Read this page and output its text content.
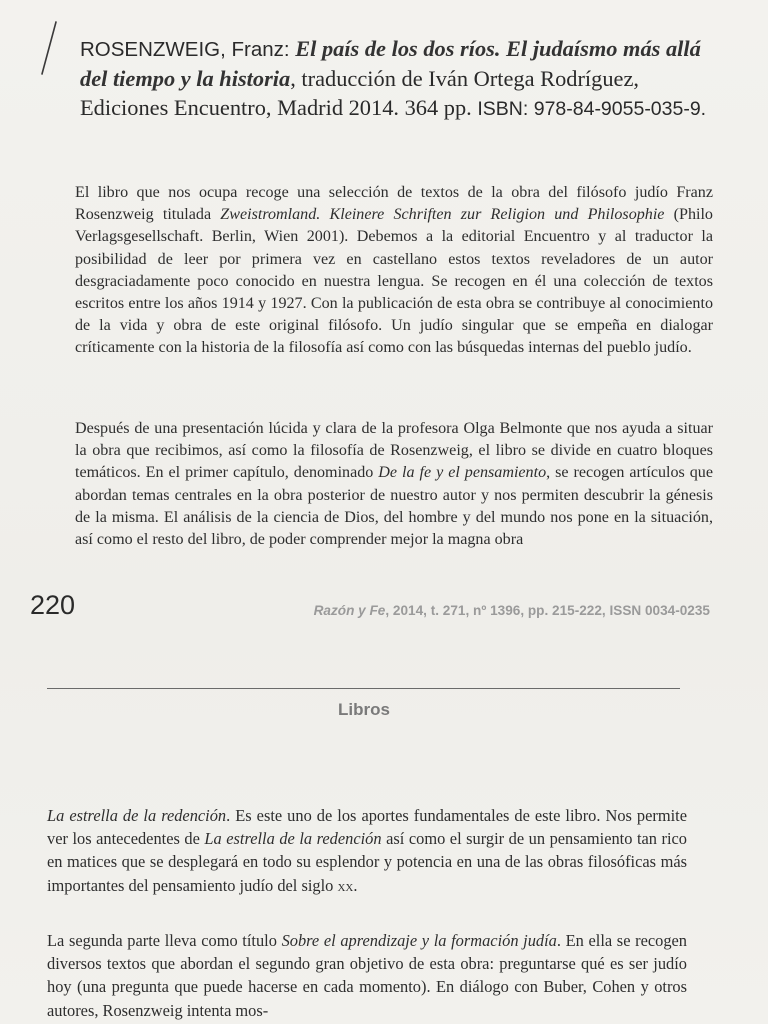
ROSENZWEIG, Franz: El país de los dos ríos. El judaísmo más allá del tiempo y la historia, traducción de Iván Ortega Rodríguez, Ediciones Encuentro, Madrid 2014. 364 pp. ISBN: 978-84-9055-035-9.

El libro que nos ocupa recoge una selección de textos de la obra del filósofo judío Franz Rosenzweig titulada Zweistromland. Kleinere Schriften zur Religion und Philosophie (Philo Verlagsgesellschaft. Berlin, Wien 2001). Debemos a la editorial Encuentro y al traductor la posibilidad de leer por primera vez en castellano estos textos reveladores de un autor desgraciadamente poco conocido en nuestra lengua. Se recogen en él una colección de textos escritos entre los años 1914 y 1927. Con la publicación de esta obra se contribuye al conocimiento de la vida y obra de este original filósofo. Un judío singular que se empeña en dialogar críticamente con la historia de la filosofía así como con las búsquedas internas del pueblo judío.

Después de una presentación lúcida y clara de la profesora Olga Belmonte que nos ayuda a situar la obra que recibimos, así como la filosofía de Rosenzweig, el libro se divide en cuatro bloques temáticos. En el primer capítulo, denominado De la fe y el pensamiento, se recogen artículos que abordan temas centrales en la obra posterior de nuestro autor y nos permiten descubrir la génesis de la misma. El análisis de la ciencia de Dios, del hombre y del mundo nos pone en la situación, así como el resto del libro, de poder comprender mejor la magna obra

220	Razón y Fe, 2014, t. 271, nº 1396, pp. 215-222, ISSN 0034-0235
Libros

La estrella de la redención. Es este uno de los aportes fundamentales de este libro. Nos permite ver los antecedentes de La estrella de la redención así como el surgir de un pensamiento tan rico en matices que se desplegará en todo su esplendor y potencia en una de las obras filosóficas más importantes del pensamiento judío del siglo xx.

La segunda parte lleva como título Sobre el aprendizaje y la formación judía. En ella se recogen diversos textos que abordan el segundo gran objetivo de esta obra: preguntarse qué es ser judío hoy (una pregunta que puede hacerse en cada momento). En diálogo con Buber, Cohen y otros autores, Rosenzweig intenta mos-
